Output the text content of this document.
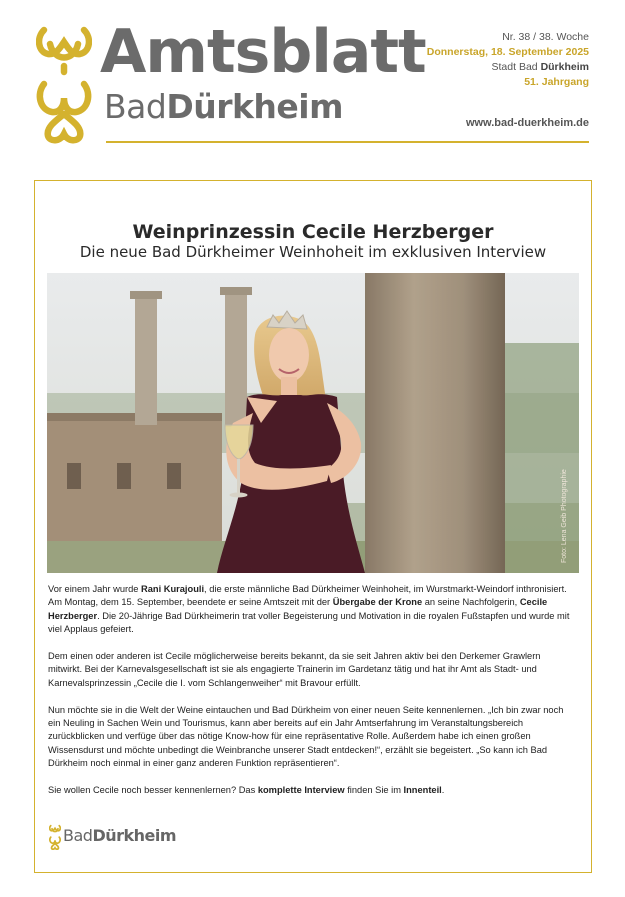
Amtsblatt
BadDürkheim
Nr. 38 / 38. Woche
Donnerstag, 18. September 2025
Stadt Bad Dürkheim
51. Jahrgang
www.bad-duerkheim.de
Weinprinzessin Cecile Herzberger
Die neue Bad Dürkheimer Weinhoheit im exklusiven Interview
Foto: Lena Geib Photographie

Vor einem Jahr wurde Rani Kurajouli, die erste männliche Bad Dürkheimer Weinhoheit, im Wurstmarkt-Weindorf inthronisiert. Am Montag, dem 15. September, beendete er seine Amtszeit mit der Übergabe der Krone an seine Nachfolgerin, Cecile Herzberger. Die 20-Jährige Bad Dürkheimerin trat voller Begeisterung und Motivation in die royalen Fußstapfen und wurde mit viel Applaus gefeiert.

Dem einen oder anderen ist Cecile möglicherweise bereits bekannt, da sie seit Jahren aktiv bei den Derkemer Grawlern mitwirkt. Bei der Karnevalsgesellschaft ist sie als engagierte Trainerin im Gardetanz tätig und hat ihr Amt als Stadt- und Karnevalsprinzessin „Cecile die I. vom Schlangenweiher“ mit Bravour erfüllt.

Nun möchte sie in die Welt der Weine eintauchen und Bad Dürkheim von einer neuen Seite kennenlernen. „Ich bin zwar noch ein Neuling in Sachen Wein und Tourismus, kann aber bereits auf ein Jahr Amtserfahrung im Veranstaltungsbereich zurückblicken und verfüge über das nötige Know-how für eine repräsentative Rolle. Außerdem habe ich einen großen Wissensdurst und möchte unbedingt die Weinbranche unserer Stadt entdecken!“, erzählt sie begeistert. „So kann ich Bad Dürkheim noch einmal in einer ganz anderen Funktion repräsentieren“.

Sie wollen Cecile noch besser kennenlernen? Das komplette Interview finden Sie im Innenteil.

BadDürkheim
